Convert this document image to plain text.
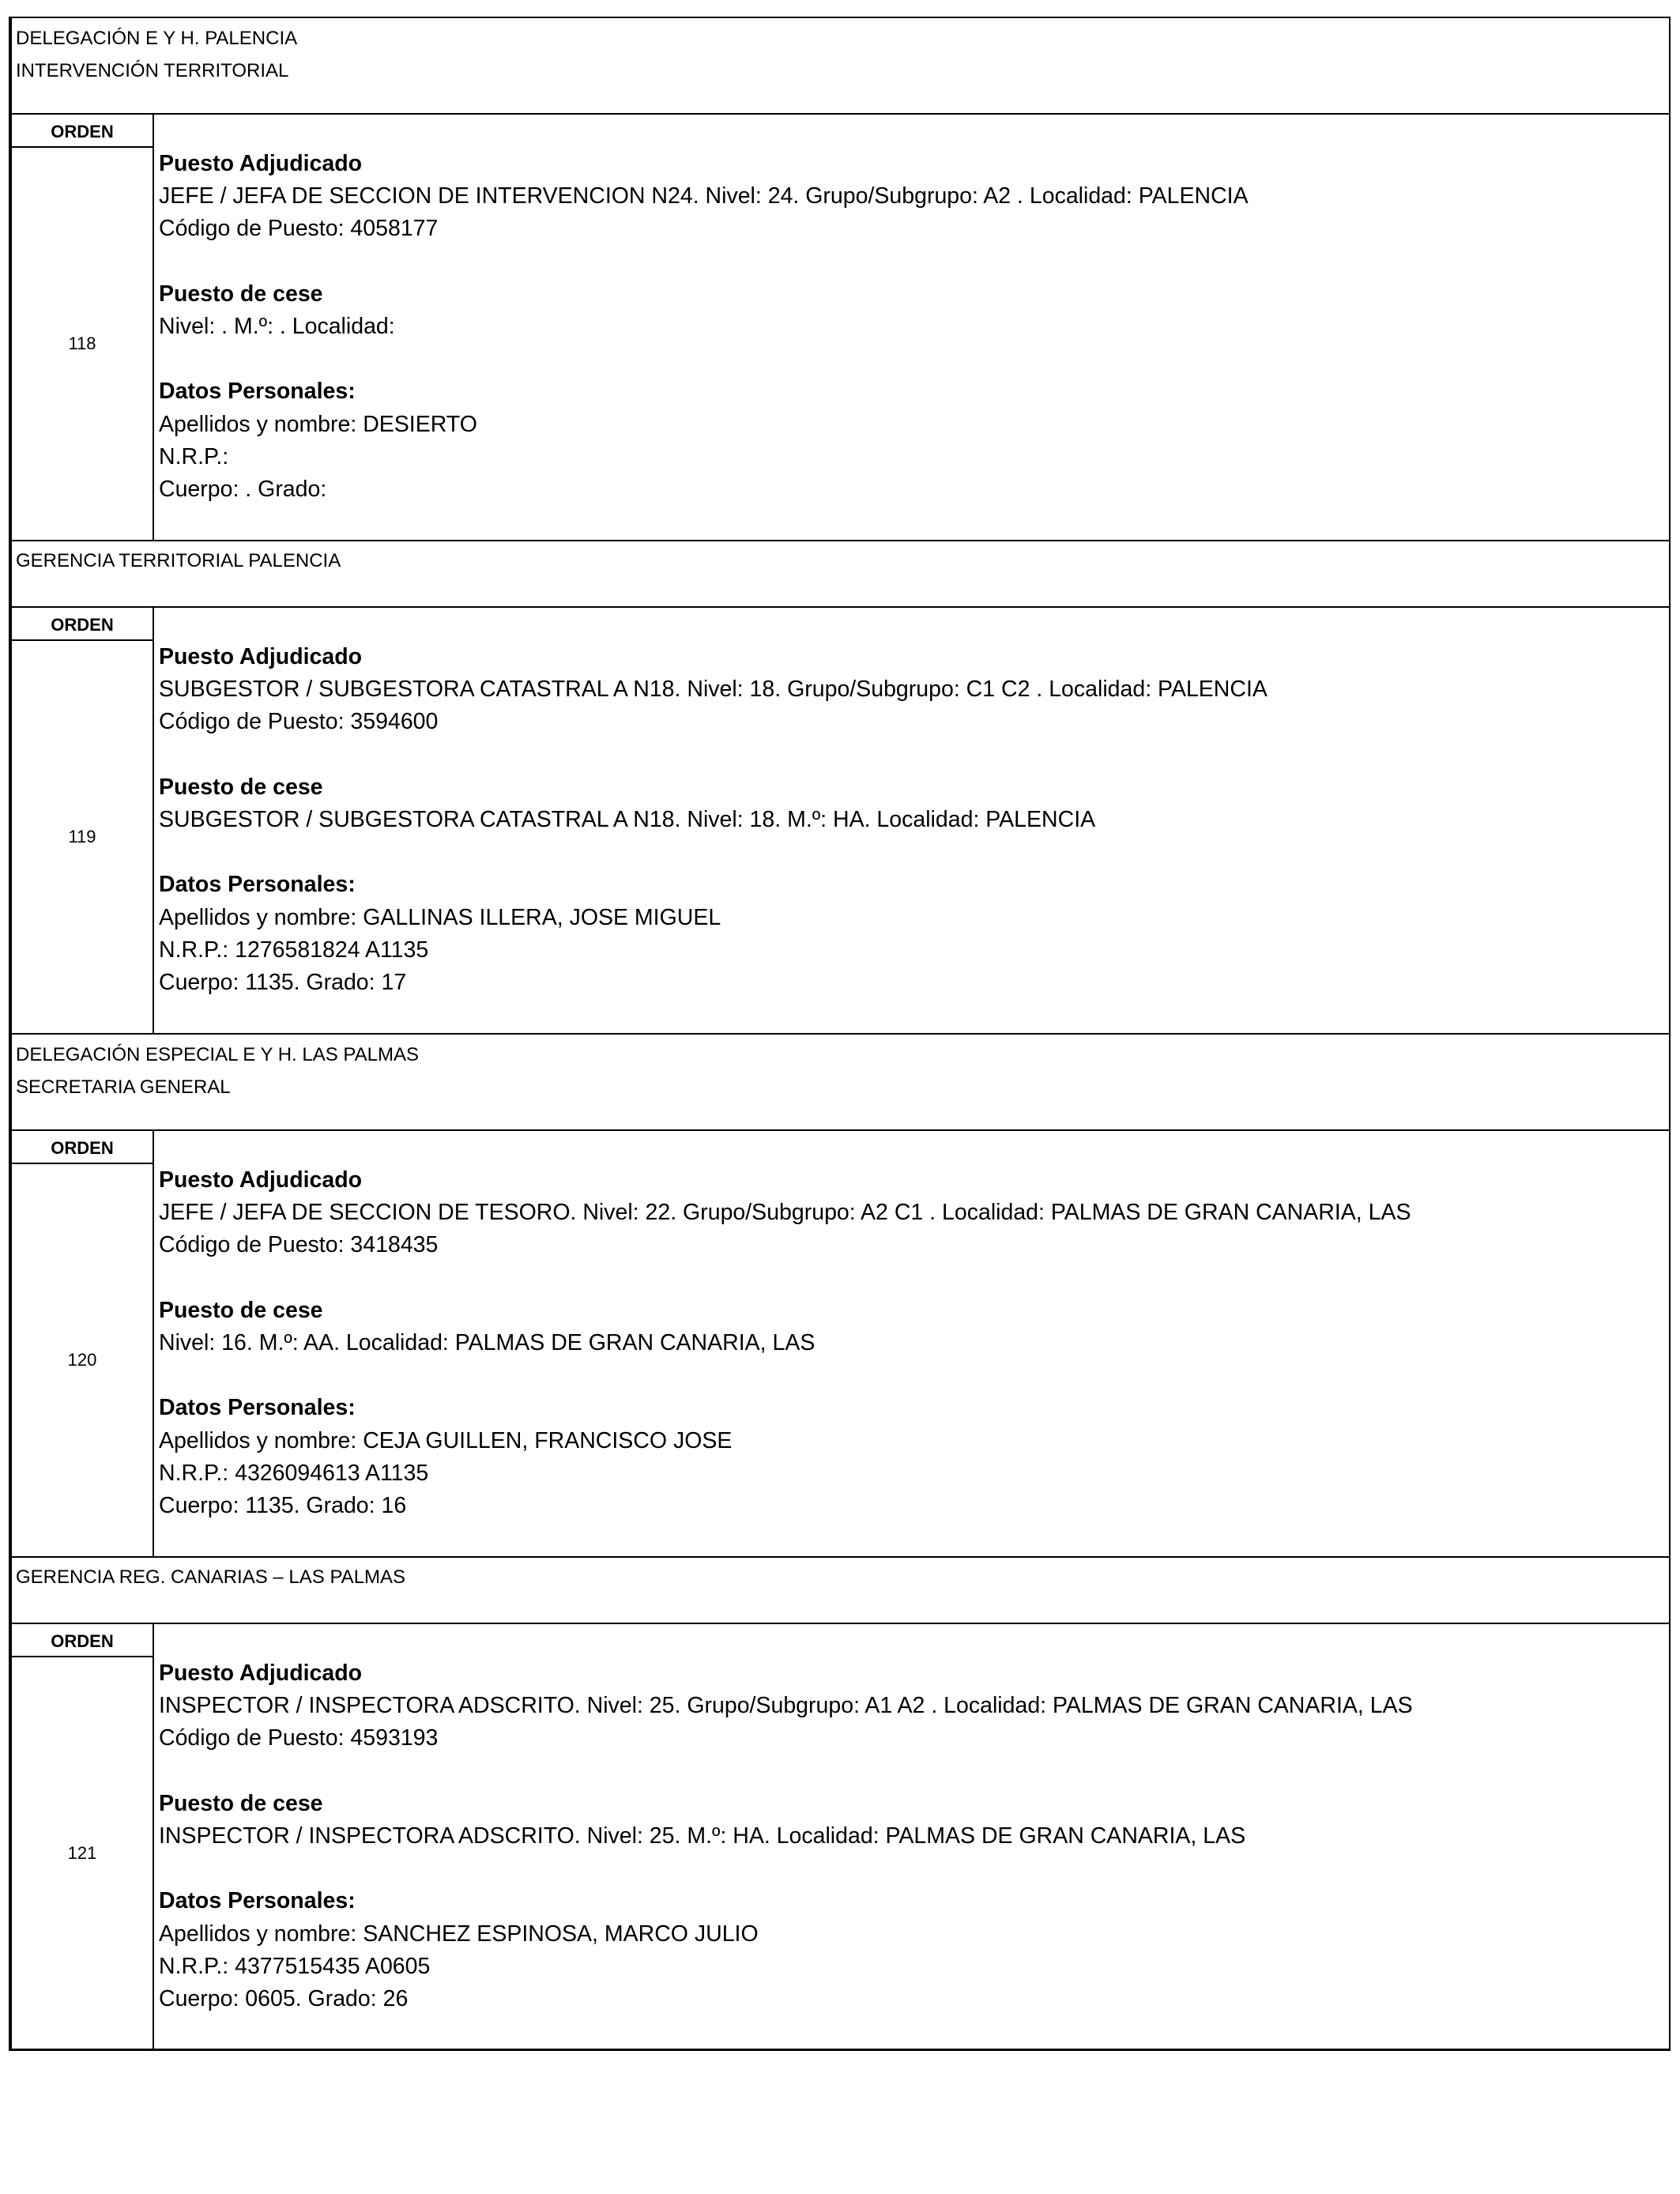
DELEGACIÓN E Y H. PALENCIA
INTERVENCIÓN TERRITORIAL
ORDEN
118
Puesto Adjudicado
JEFE / JEFA DE SECCION DE INTERVENCION N24. Nivel: 24. Grupo/Subgrupo: A2 . Localidad: PALENCIA
Código de Puesto: 4058177
Puesto de cese
Nivel: . M.º: . Localidad:
Datos Personales:
Apellidos y nombre: DESIERTO
N.R.P.:
Cuerpo: . Grado:
GERENCIA TERRITORIAL PALENCIA
ORDEN
119
Puesto Adjudicado
SUBGESTOR / SUBGESTORA CATASTRAL A N18. Nivel: 18. Grupo/Subgrupo: C1 C2 . Localidad: PALENCIA
Código de Puesto: 3594600
Puesto de cese
SUBGESTOR / SUBGESTORA CATASTRAL A N18. Nivel: 18. M.º: HA. Localidad: PALENCIA
Datos Personales:
Apellidos y nombre: GALLINAS ILLERA, JOSE MIGUEL
N.R.P.: 1276581824 A1135
Cuerpo: 1135. Grado: 17
DELEGACIÓN ESPECIAL E Y H. LAS PALMAS
SECRETARIA GENERAL
ORDEN
120
Puesto Adjudicado
JEFE / JEFA DE SECCION DE TESORO. Nivel: 22. Grupo/Subgrupo: A2 C1 . Localidad: PALMAS DE GRAN CANARIA, LAS
Código de Puesto: 3418435
Puesto de cese
Nivel: 16. M.º: AA. Localidad: PALMAS DE GRAN CANARIA, LAS
Datos Personales:
Apellidos y nombre: CEJA GUILLEN, FRANCISCO JOSE
N.R.P.: 4326094613 A1135
Cuerpo: 1135. Grado: 16
GERENCIA REG. CANARIAS – LAS PALMAS
ORDEN
121
Puesto Adjudicado
INSPECTOR / INSPECTORA ADSCRITO. Nivel: 25. Grupo/Subgrupo: A1 A2 . Localidad: PALMAS DE GRAN CANARIA, LAS
Código de Puesto: 4593193
Puesto de cese
INSPECTOR / INSPECTORA ADSCRITO. Nivel: 25. M.º: HA. Localidad: PALMAS DE GRAN CANARIA, LAS
Datos Personales:
Apellidos y nombre: SANCHEZ ESPINOSA, MARCO JULIO
N.R.P.: 4377515435 A0605
Cuerpo: 0605. Grado: 26
